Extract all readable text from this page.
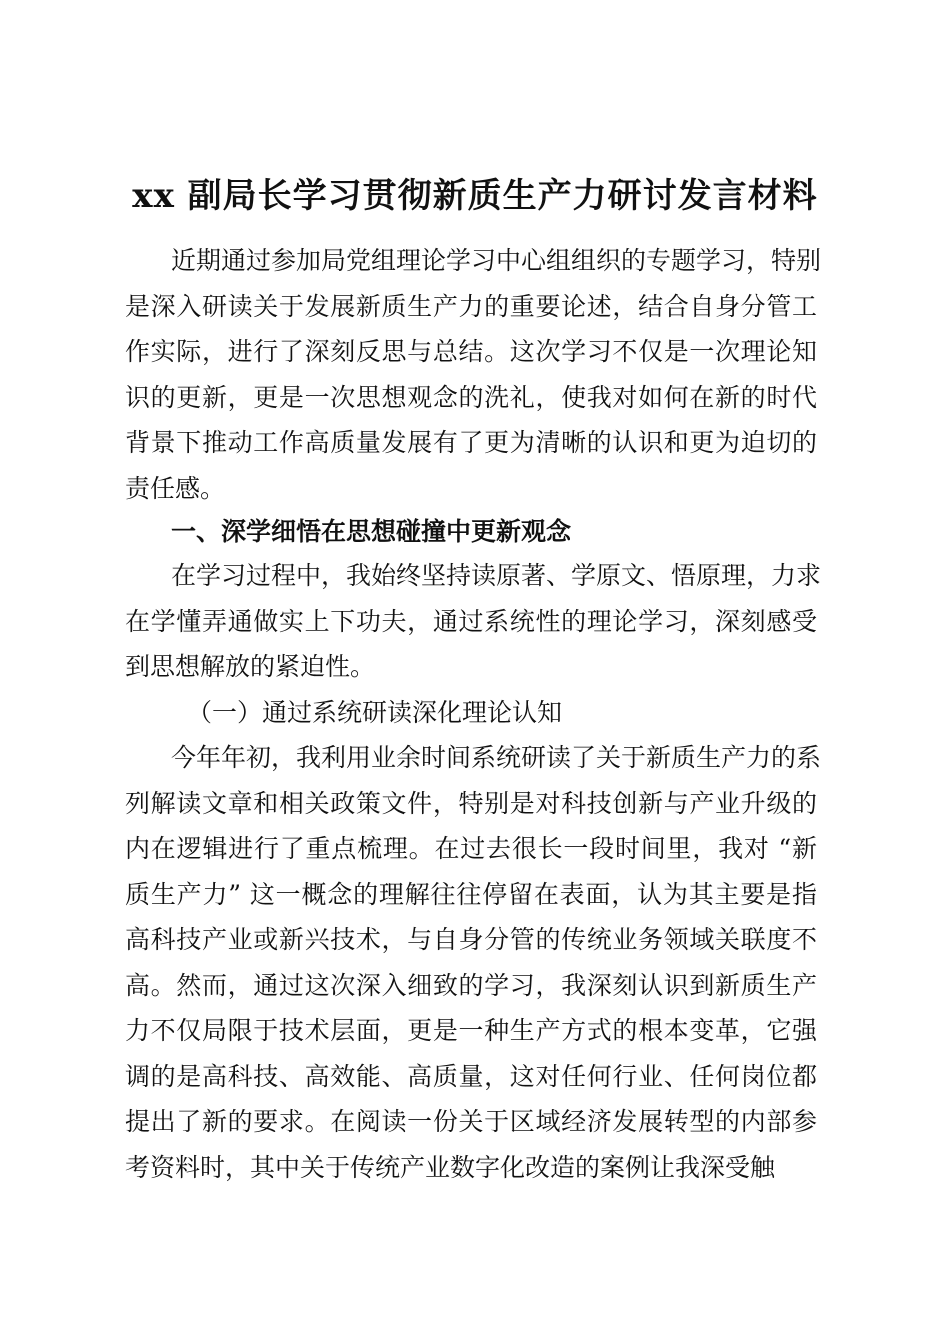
xx 副局长学习贯彻新质生产力研讨发言材料
近期通过参加局党组理论学习中心组组织的专题学习，特别
是深入研读关于发展新质生产力的重要论述，结合自身分管工
作实际，进行了深刻反思与总结。这次学习不仅是一次理论知
识的更新，更是一次思想观念的洗礼，使我对如何在新的时代
背景下推动工作高质量发展有了更为清晰的认识和更为迫切的
责任感。
一、深学细悟在思想碰撞中更新观念
在学习过程中，我始终坚持读原著、学原文、悟原理，力求
在学懂弄通做实上下功夫，通过系统性的理论学习，深刻感受
到思想解放的紧迫性。
（一）通过系统研读深化理论认知
今年年初，我利用业余时间系统研读了关于新质生产力的系
列解读文章和相关政策文件，特别是对科技创新与产业升级的
内在逻辑进行了重点梳理。在过去很长一段时间里，我对 “新
质生产力” 这一概念的理解往往停留在表面，认为其主要是指
高科技产业或新兴技术，与自身分管的传统业务领域关联度不
高。然而，通过这次深入细致的学习，我深刻认识到新质生产
力不仅局限于技术层面，更是一种生产方式的根本变革，它强
调的是高科技、高效能、高质量，这对任何行业、任何岗位都
提出了新的要求。在阅读一份关于区域经济发展转型的内部参
考资料时，其中关于传统产业数字化改造的案例让我深受触
